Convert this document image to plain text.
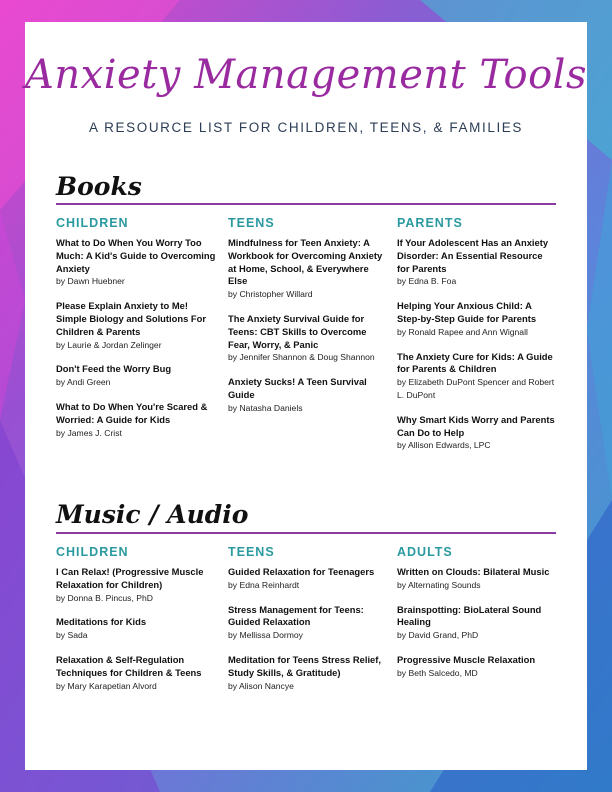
Anxiety Management Tools
A RESOURCE LIST FOR CHILDREN, TEENS, & FAMILIES
Books
CHILDREN
What to Do When You Worry Too Much: A Kid's Guide to Overcoming Anxiety
by Dawn Huebner
Please Explain Anxiety to Me! Simple Biology and Solutions For Children & Parents
by Laurie & Jordan Zelinger
Don't Feed the Worry Bug
by Andi Green
What to Do When You're Scared & Worried: A Guide for Kids
by James J. Crist
TEENS
Mindfulness for Teen Anxiety: A Workbook for Overcoming Anxiety at Home, School, & Everywhere Else
by Christopher Willard
The Anxiety Survival Guide for Teens: CBT Skills to Overcome Fear, Worry, & Panic
by Jennifer Shannon & Doug Shannon
Anxiety Sucks! A Teen Survival Guide
by Natasha Daniels
PARENTS
If Your Adolescent Has an Anxiety Disorder: An Essential Resource for Parents
by Edna B. Foa
Helping Your Anxious Child: A Step-by-Step Guide for Parents
by Ronald Rapee and Ann Wignall
The Anxiety Cure for Kids: A Guide for Parents & Children
by Elizabeth DuPont Spencer and Robert L. DuPont
Why Smart Kids Worry and Parents Can Do to Help
by Allison Edwards, LPC
Music / Audio
CHILDREN
I Can Relax! (Progressive Muscle Relaxation for Children)
by Donna B. Pincus, PhD
Meditations for Kids
by Sada
Relaxation & Self-Regulation Techniques for Children & Teens
by Mary Karapetian Alvord
TEENS
Guided Relaxation for Teenagers
by Edna Reinhardt
Stress Management for Teens: Guided Relaxation
by Mellissa Dormoy
Meditation for Teens Stress Relief, Study Skills, & Gratitude)
by Alison Nancye
ADULTS
Written on Clouds: Bilateral Music
by Alternating Sounds
Brainspotting: BioLateral Sound Healing
by David Grand, PhD
Progressive Muscle Relaxation
by Beth Salcedo, MD
